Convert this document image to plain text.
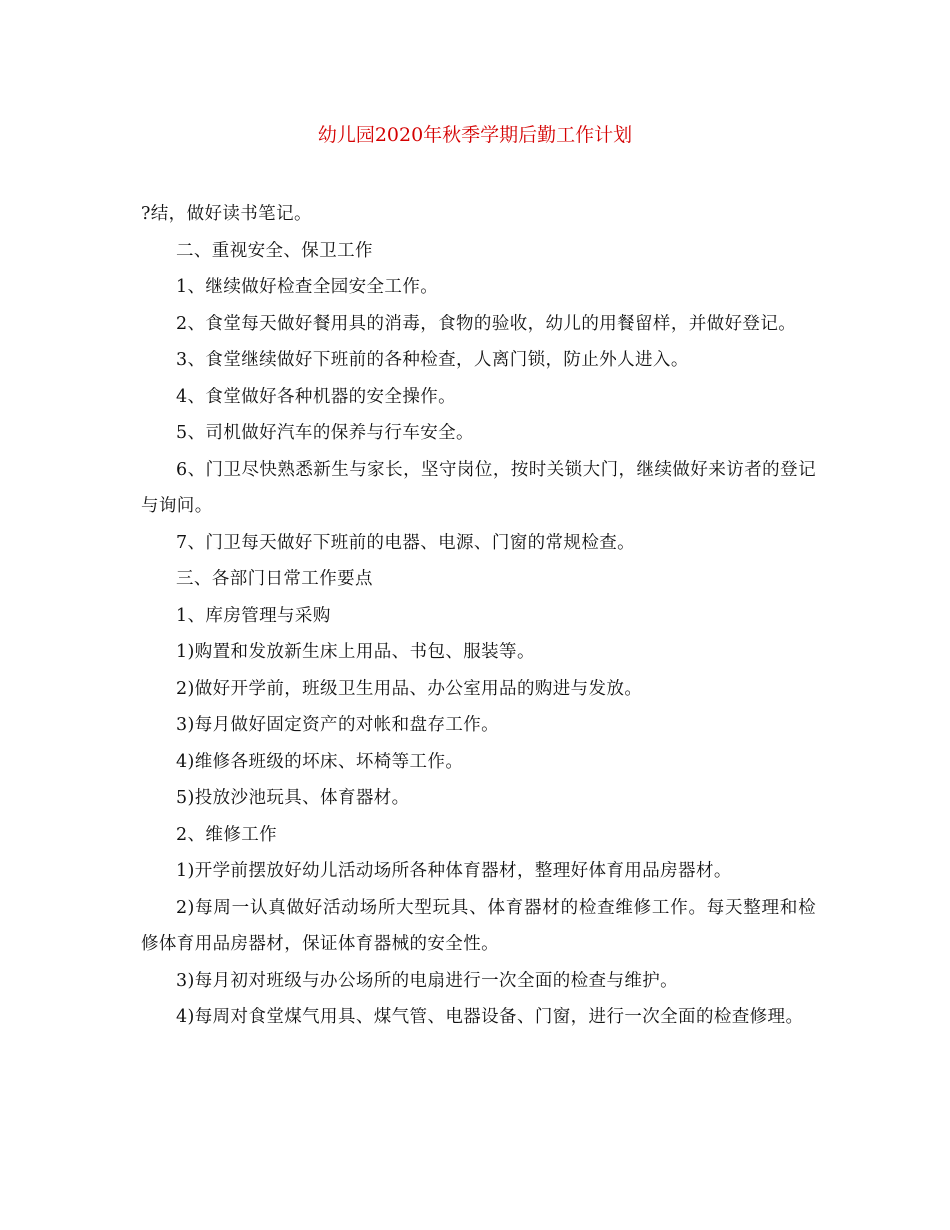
幼儿园2020年秋季学期后勤工作计划

?结，做好读书笔记。

二、重视安全、保卫工作

1、继续做好检查全园安全工作。

2、食堂每天做好餐用具的消毒，食物的验收，幼儿的用餐留样，并做好登记。

3、食堂继续做好下班前的各种检查，人离门锁，防止外人进入。

4、食堂做好各种机器的安全操作。

5、司机做好汽车的保养与行车安全。

6、门卫尽快熟悉新生与家长，坚守岗位，按时关锁大门，继续做好来访者的登记与询问。

7、门卫每天做好下班前的电器、电源、门窗的常规检查。

三、各部门日常工作要点

1、库房管理与采购

1)购置和发放新生床上用品、书包、服装等。

2)做好开学前，班级卫生用品、办公室用品的购进与发放。

3)每月做好固定资产的对帐和盘存工作。

4)维修各班级的坏床、坏椅等工作。

5)投放沙池玩具、体育器材。

2、维修工作

1)开学前摆放好幼儿活动场所各种体育器材，整理好体育用品房器材。

2)每周一认真做好活动场所大型玩具、体育器材的检查维修工作。每天整理和检修体育用品房器材，保证体育器械的安全性。

3)每月初对班级与办公场所的电扇进行一次全面的检查与维护。

4)每周对食堂煤气用具、煤气管、电器设备、门窗，进行一次全面的检查修理。
